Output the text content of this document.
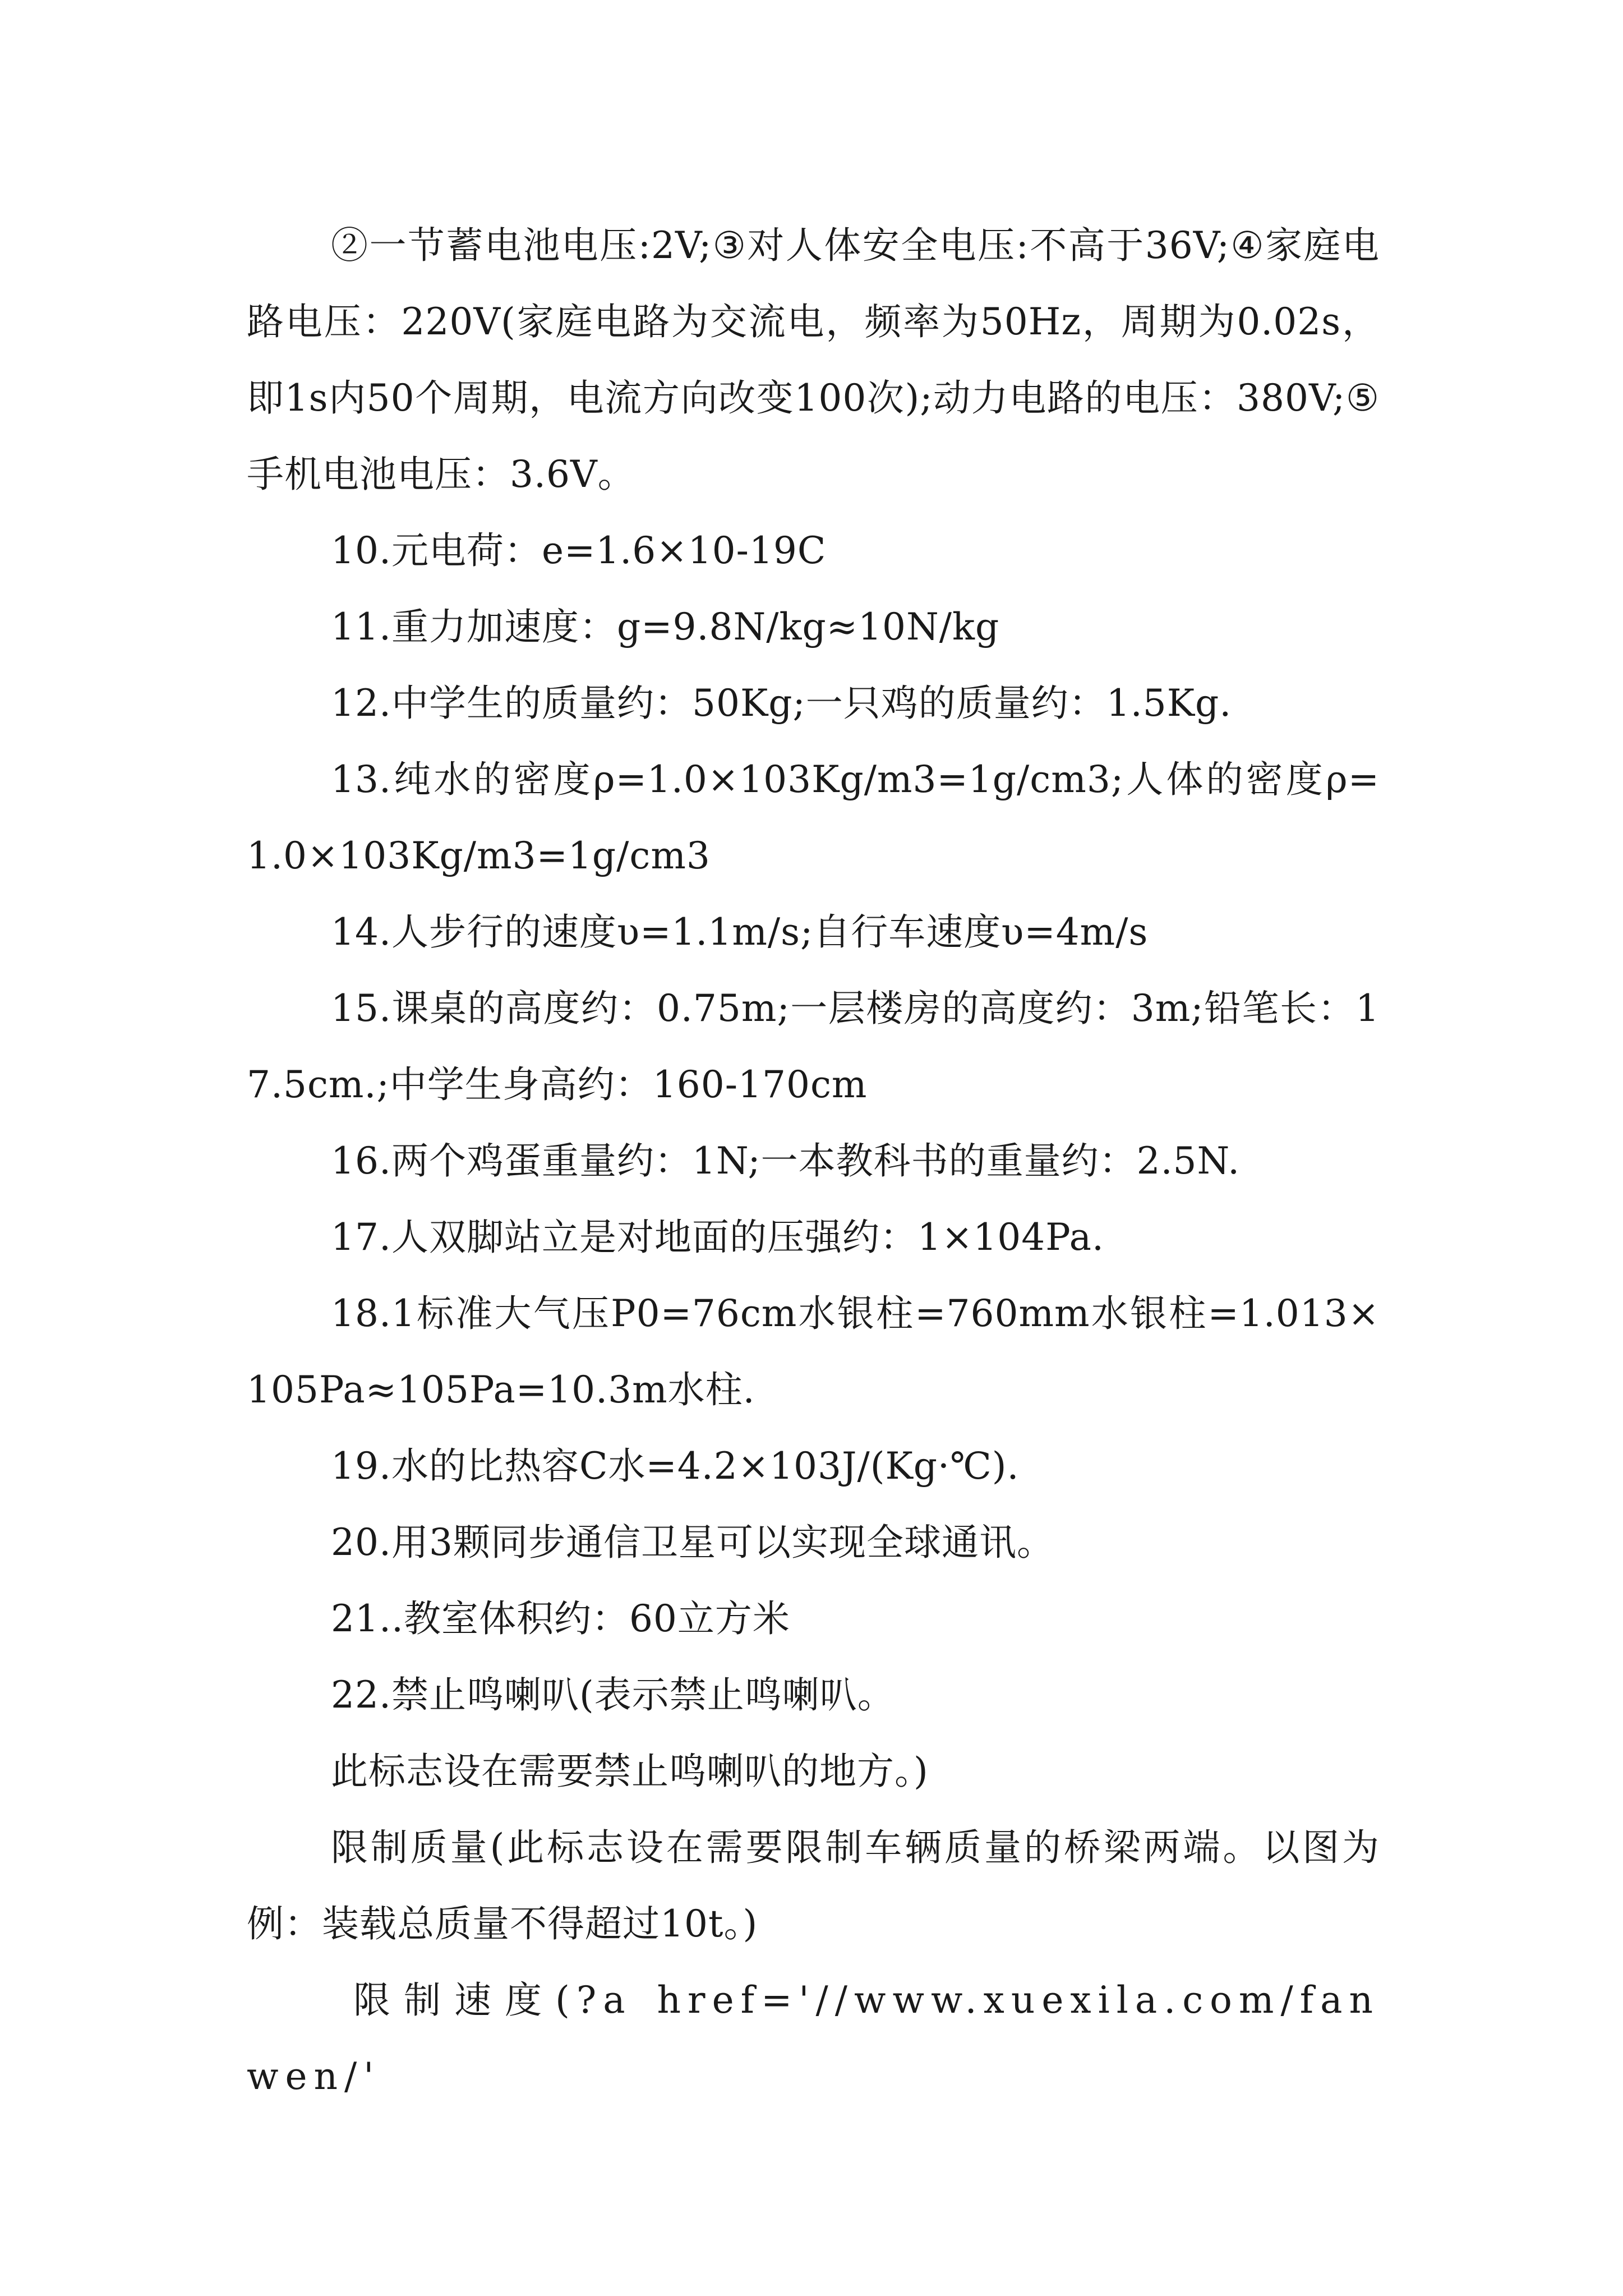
②一节蓄电池电压:2V;③对人体安全电压:不高于36V;④家庭电路电压：220V(家庭电路为交流电，频率为50Hz，周期为0.02s，即1s内50个周期，电流方向改变100次);动力电路的电压：380V;⑤手机电池电压：3.6V。

10.元电荷：e=1.6×10-19C

11.重力加速度：g=9.8N/kg≈10N/kg

12.中学生的质量约：50Kg;一只鸡的质量约：1.5Kg.

13.纯水的密度ρ=1.0×103Kg/m3=1g/cm3;人体的密度ρ=1.0×103Kg/m3=1g/cm3

14.人步行的速度υ=1.1m/s;自行车速度υ=4m/s

15.课桌的高度约：0.75m;一层楼房的高度约：3m;铅笔长：17.5cm.;中学生身高约：160-170cm

16.两个鸡蛋重量约：1N;一本教科书的重量约：2.5N.

17.人双脚站立是对地面的压强约：1×104Pa.

18.1标准大气压P0=76cm水银柱=760mm水银柱=1.013×105Pa≈105Pa=10.3m水柱.

19.水的比热容C水=4.2×103J/(Kg·℃).

20.用3颗同步通信卫星可以实现全球通讯。

21..教室体积约：60立方米

22.禁止鸣喇叭(表示禁止鸣喇叭。

此标志设在需要禁止鸣喇叭的地方。)

限制质量(此标志设在需要限制车辆质量的桥梁两端。以图为例：装载总质量不得超过10t。)

限制速度(?a href='//www.xuexila.com/fanwen/'
